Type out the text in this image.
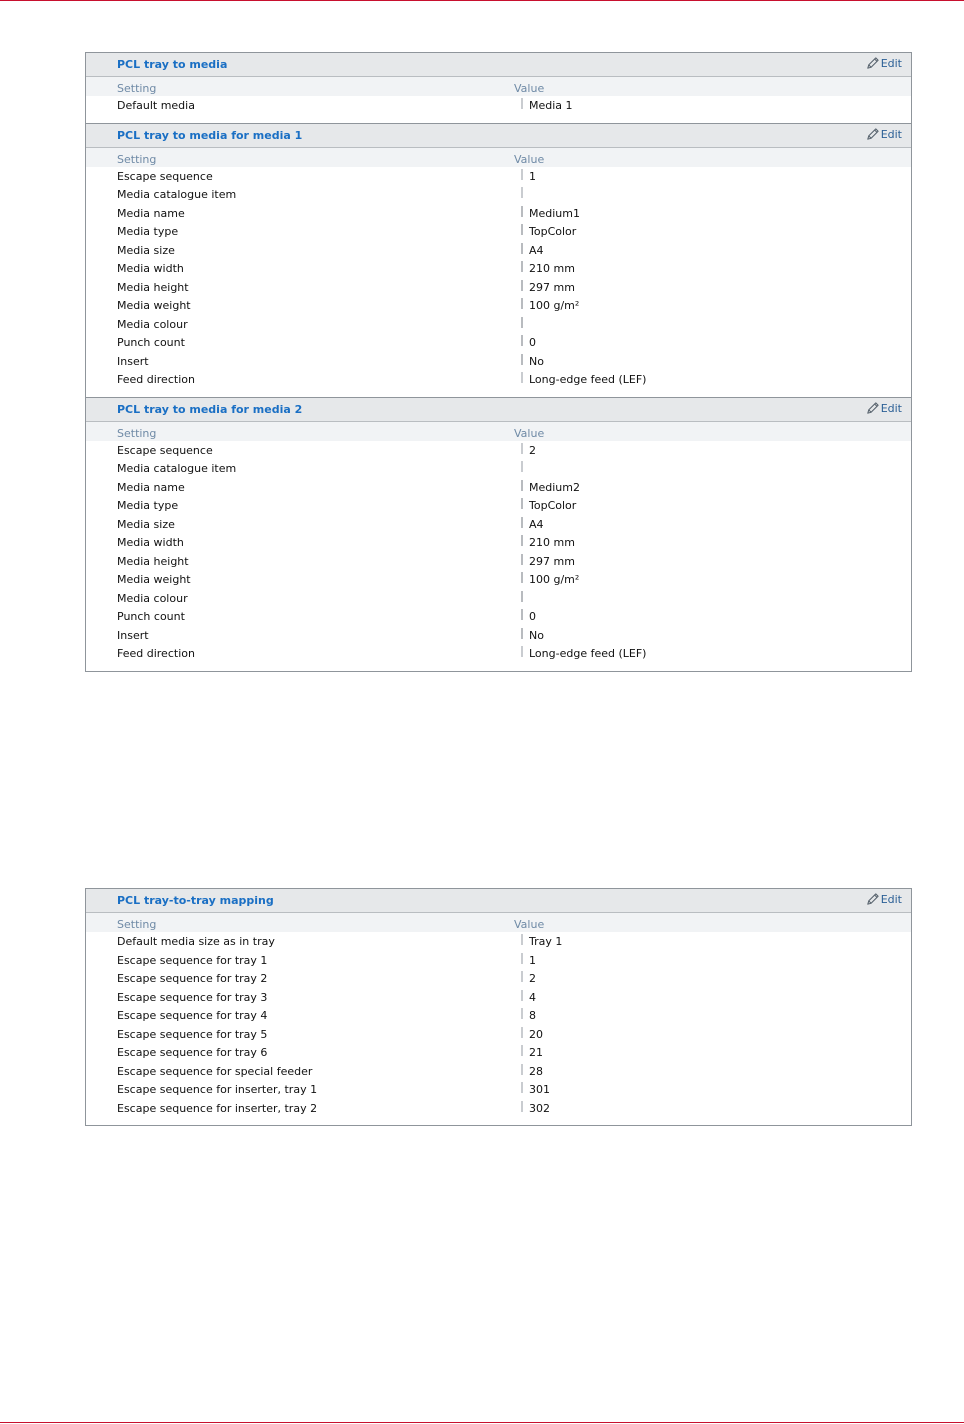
PCL tray to media	Edit
Setting	Value
Default media	Media 1
PCL tray to media for media 1	Edit
Setting	Value
Escape sequence	1
Media catalogue item
Media name	Medium1
Media type	TopColor
Media size	A4
Media width	210 mm
Media height	297 mm
Media weight	100 g/m²
Media colour
Punch count	0
Insert	No
Feed direction	Long-edge feed (LEF)
PCL tray to media for media 2	Edit
Setting	Value
Escape sequence	2
Media catalogue item
Media name	Medium2
Media type	TopColor
Media size	A4
Media width	210 mm
Media height	297 mm
Media weight	100 g/m²
Media colour
Punch count	0
Insert	No
Feed direction	Long-edge feed (LEF)
PCL tray-to-tray mapping	Edit
Setting	Value
Default media size as in tray	Tray 1
Escape sequence for tray 1	1
Escape sequence for tray 2	2
Escape sequence for tray 3	4
Escape sequence for tray 4	8
Escape sequence for tray 5	20
Escape sequence for tray 6	21
Escape sequence for special feeder	28
Escape sequence for inserter, tray 1	301
Escape sequence for inserter, tray 2	302
